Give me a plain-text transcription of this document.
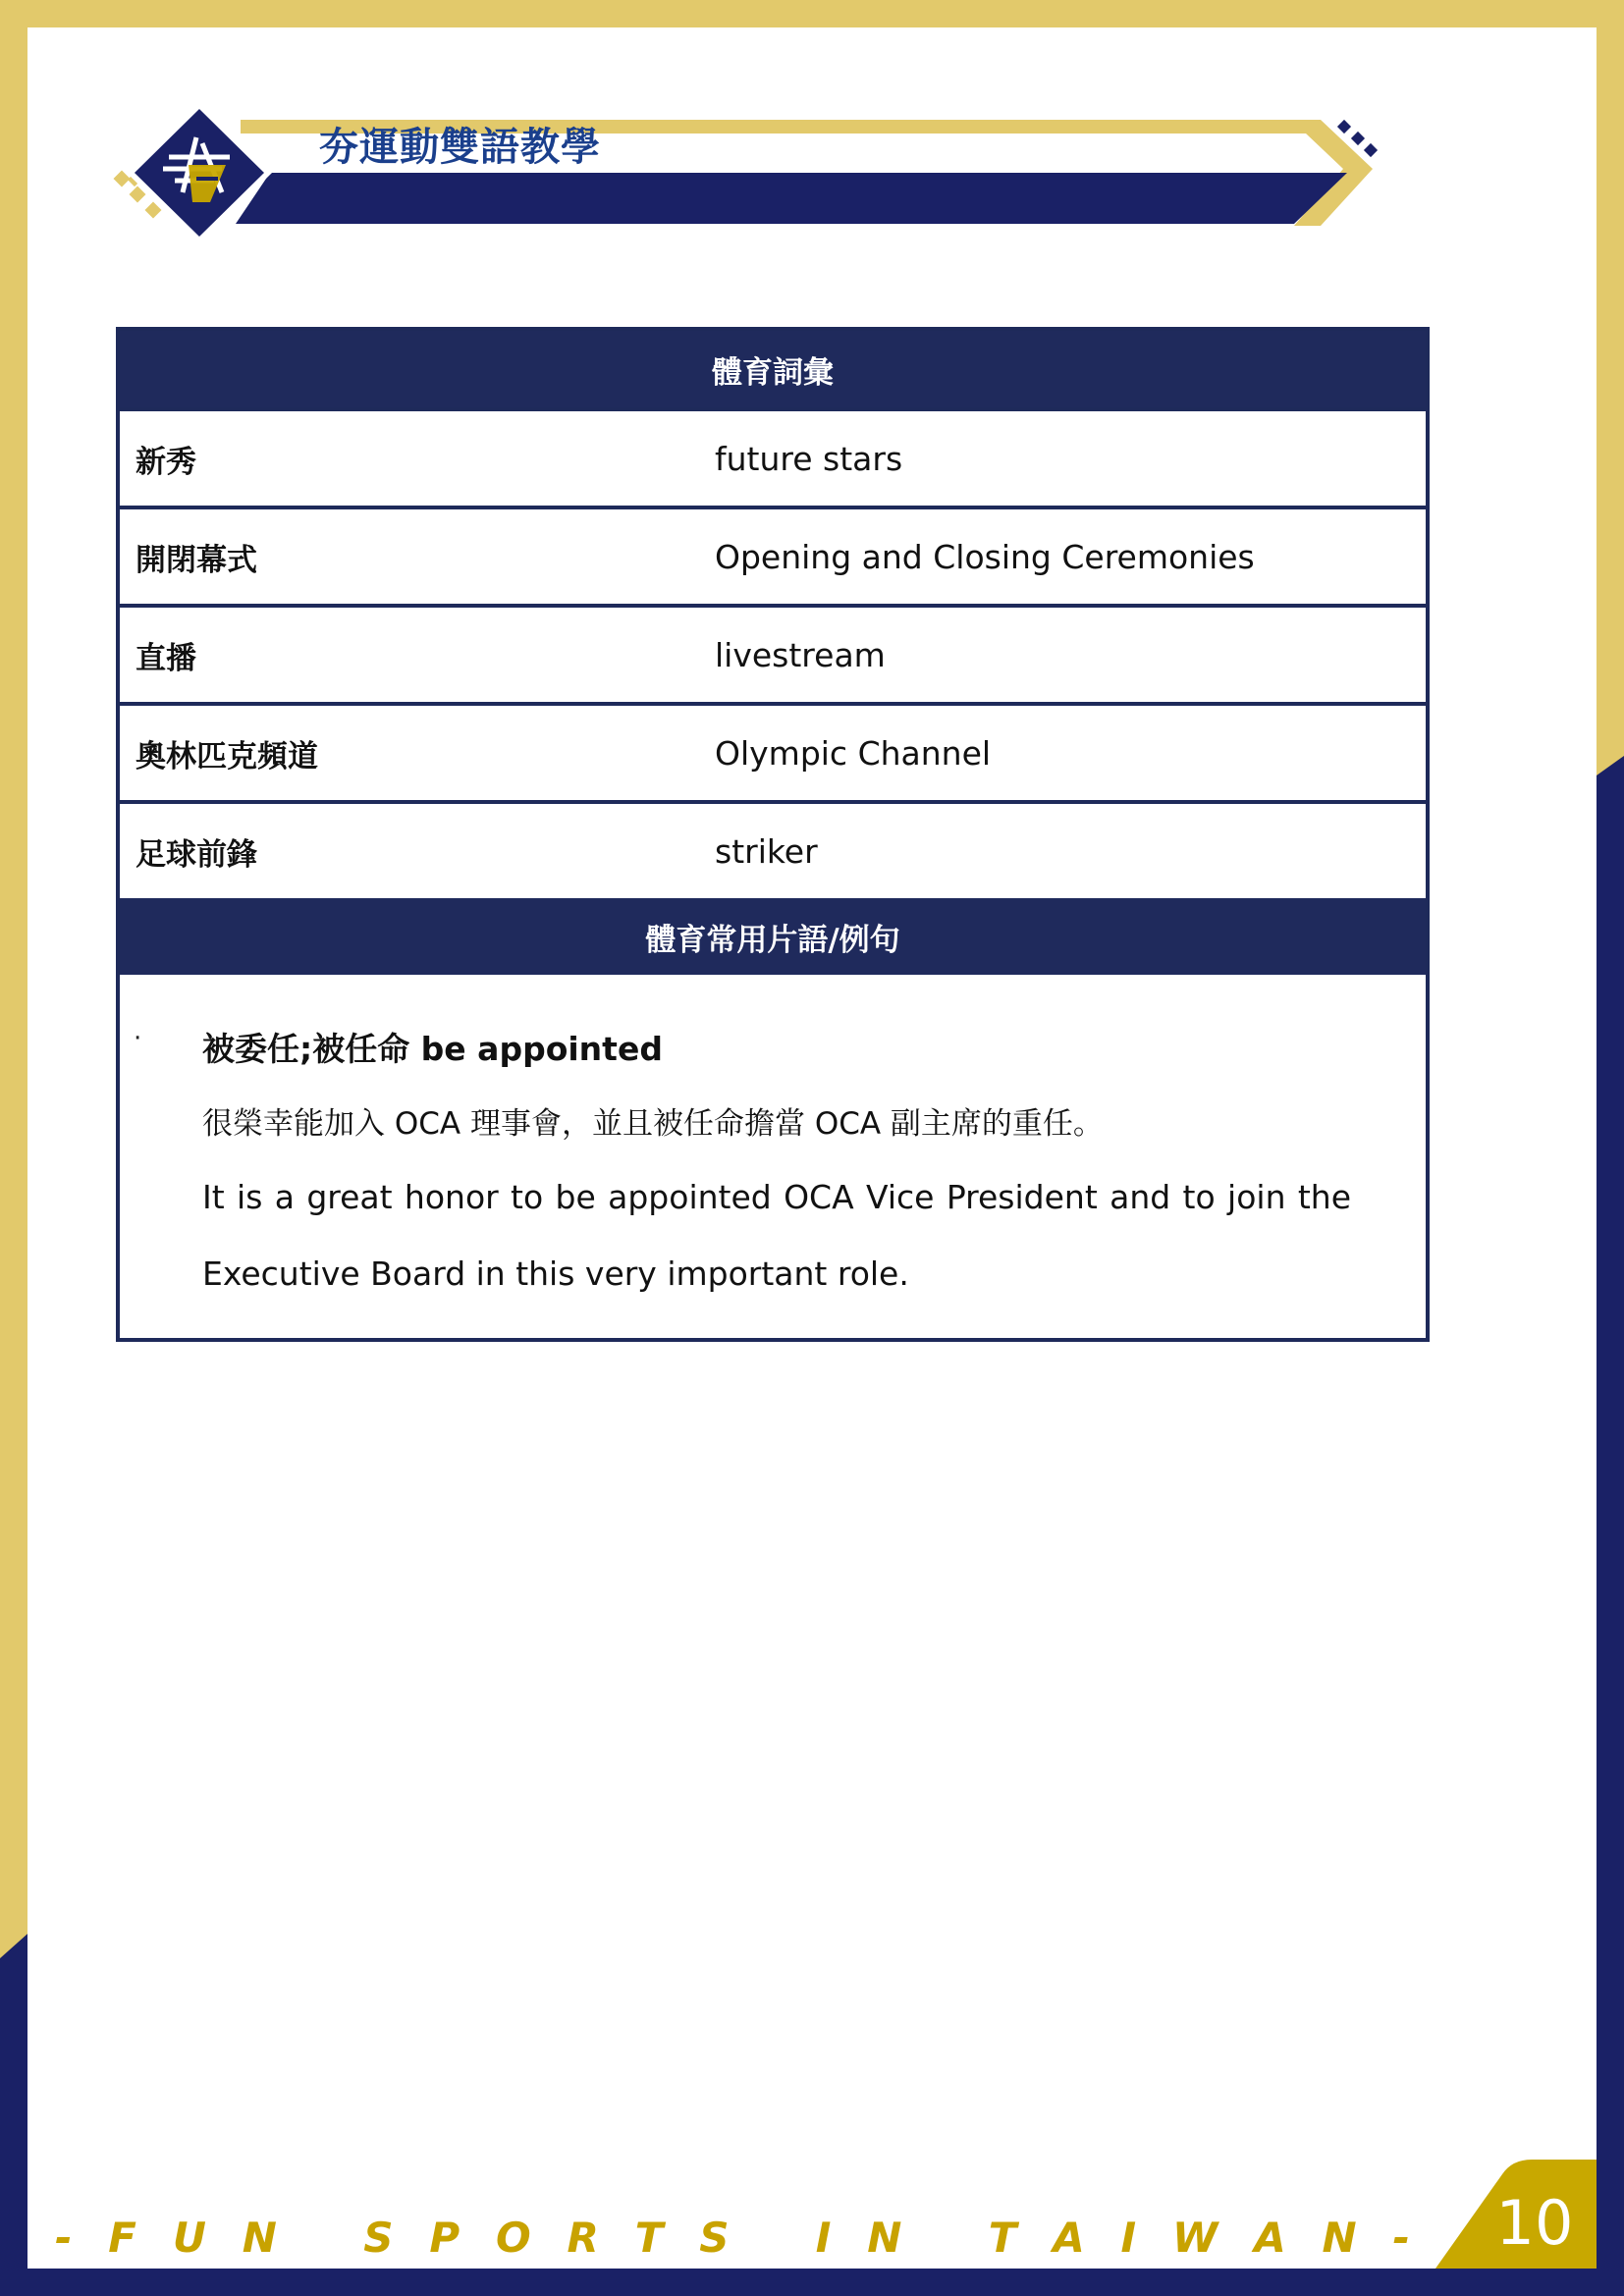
夯運動雙語教學
體育詞彙
新秀	future stars
開閉幕式	Opening and Closing Ceremonies
直播	livestream
奧林匹克頻道	Olympic Channel
足球前鋒	striker
體育常用片語/例句
· 被委任;被任命 be appointed
很榮幸能加入 OCA 理事會，並且被任命擔當 OCA 副主席的重任。
It is a great honor to be appointed OCA Vice President and to join the Executive Board in this very important role.
- F U N   S P O R T S   I N   T A I W A N -	10
